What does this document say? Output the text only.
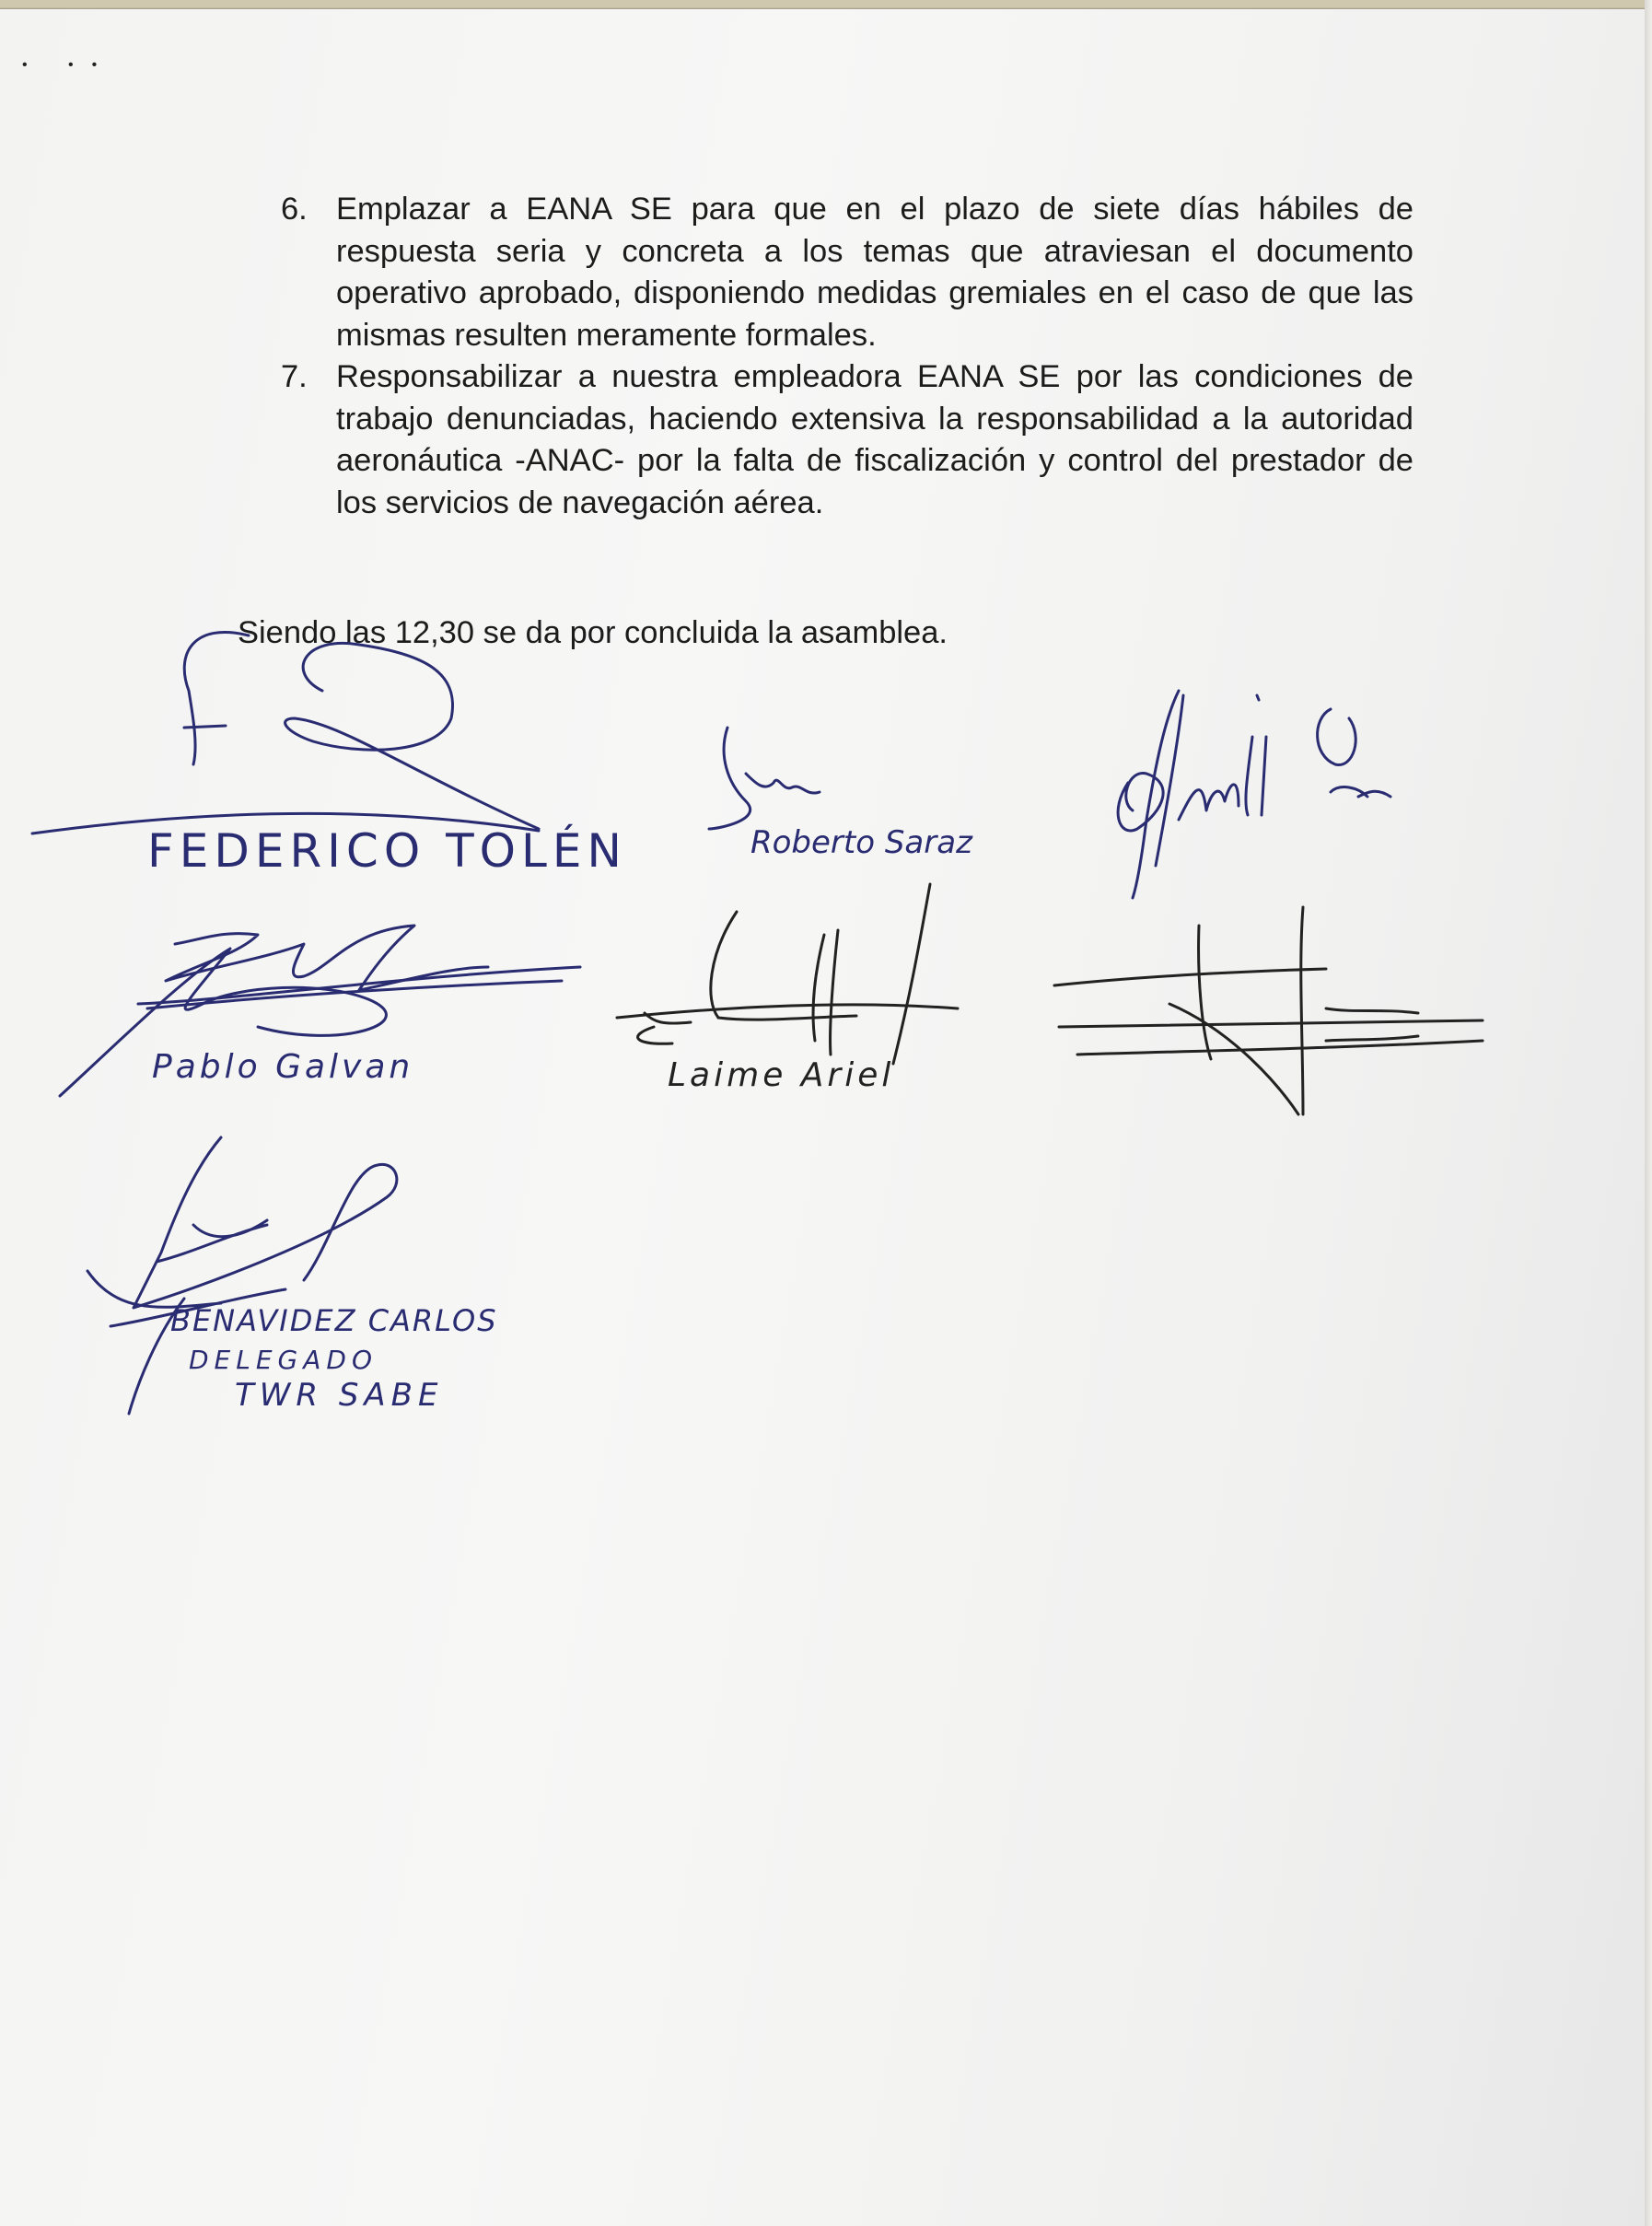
• ••
6. Emplazar a EANA SE para que en el plazo de siete días hábiles de respuesta seria y concreta a los temas que atraviesan el documento operativo aprobado, disponiendo medidas gremiales en el caso de que las mismas resulten meramente formales.
7. Responsabilizar a nuestra empleadora EANA SE por las condiciones de trabajo denunciadas, haciendo extensiva la responsabilidad a la autoridad aeronáutica -ANAC- por la falta de fiscalización y control del prestador de los servicios de navegación aérea.
Siendo las 12,30 se da por concluida la asamblea.
FEDERICO TOLÉN	Roberto Saraz
Pablo Galvan	Laime Ariel
BENAVIDEZ CARLOS
DELEGADO
TWR SABE
